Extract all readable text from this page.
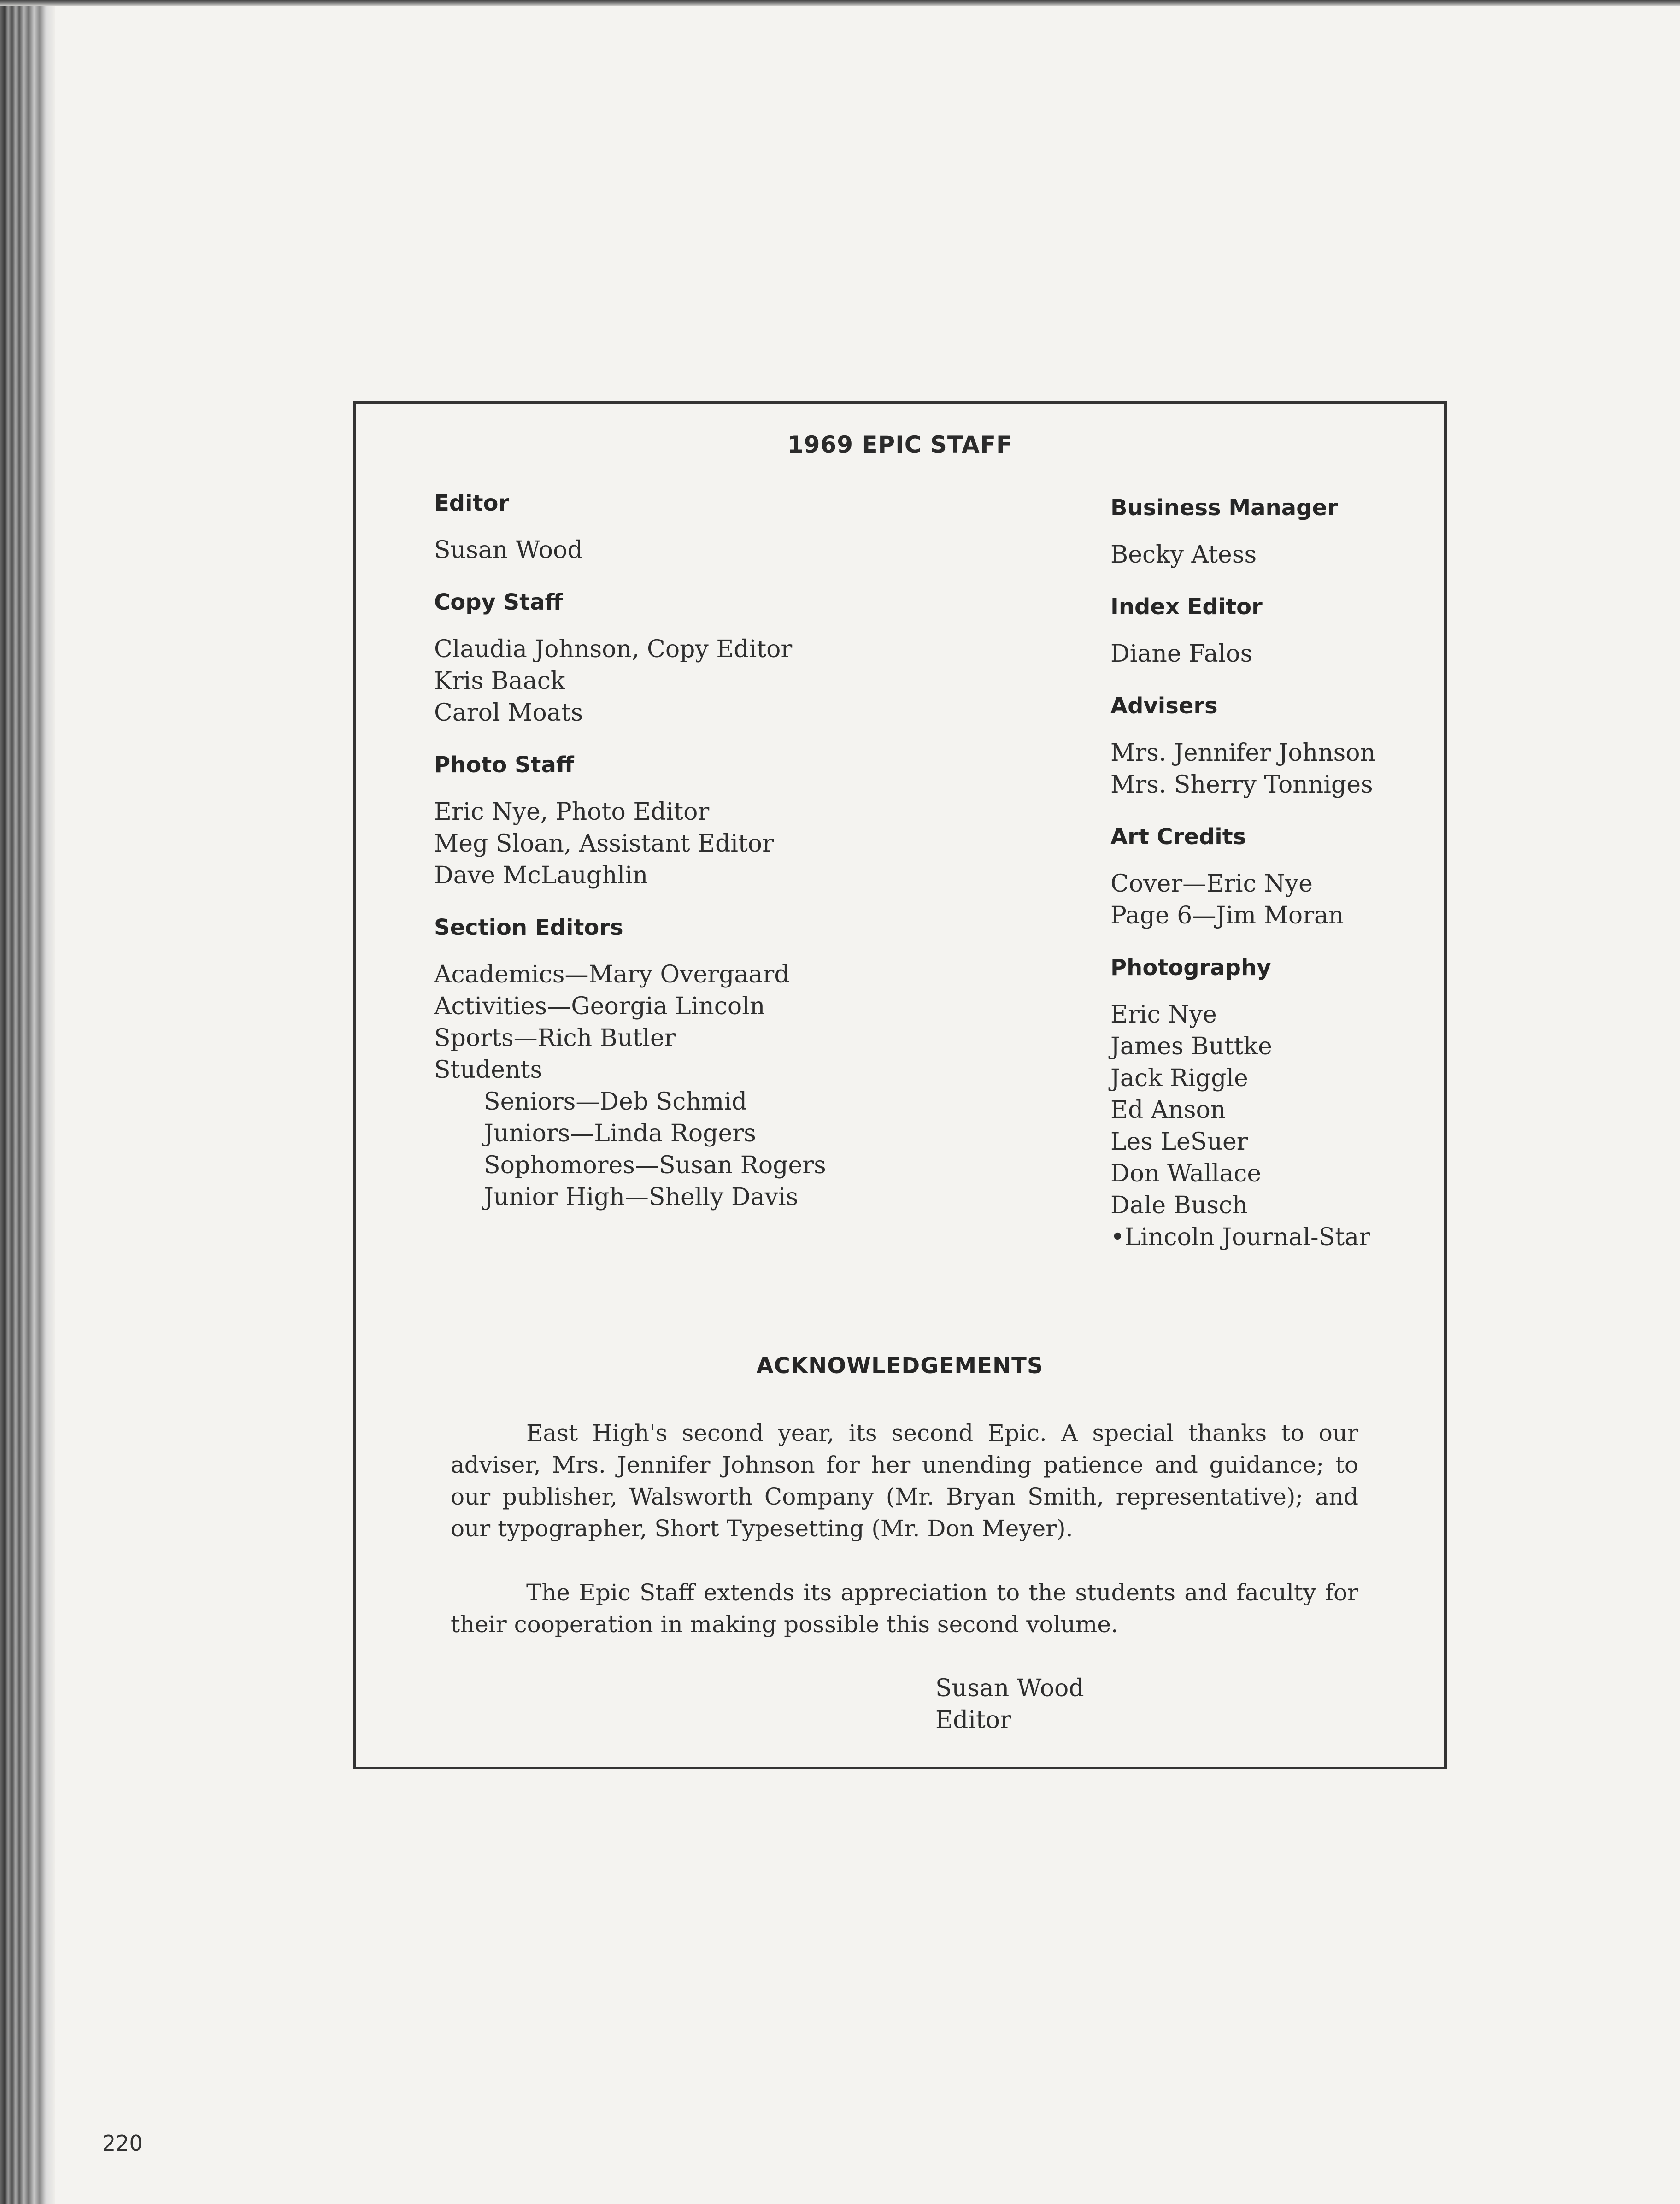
1969 EPIC STAFF
Editor
Susan Wood
Copy Staff
Claudia Johnson, Copy Editor
Kris Baack
Carol Moats
Photo Staff
Eric Nye, Photo Editor
Meg Sloan, Assistant Editor
Dave McLaughlin
Section Editors
Academics—Mary Overgaard
Activities—Georgia Lincoln
Sports—Rich Butler
Students
Seniors—Deb Schmid
Juniors—Linda Rogers
Sophomores—Susan Rogers
Junior High—Shelly Davis
Business Manager
Becky Atess
Index Editor
Diane Falos
Advisers
Mrs. Jennifer Johnson
Mrs. Sherry Tonniges
Art Credits
Cover—Eric Nye
Page 6—Jim Moran
Photography
Eric Nye
James Buttke
Jack Riggle
Ed Anson
Les LeSuer
Don Wallace
Dale Busch
•Lincoln Journal-Star
ACKNOWLEDGEMENTS
East High's second year, its second Epic. A special thanks to our adviser, Mrs. Jennifer Johnson for her unending patience and guidance; to our publisher, Walsworth Company (Mr. Bryan Smith, representative); and our typographer, Short Typesetting (Mr. Don Meyer).
The Epic Staff extends its appreciation to the students and faculty for their cooperation in making possible this second volume.
Susan Wood
Editor
220
